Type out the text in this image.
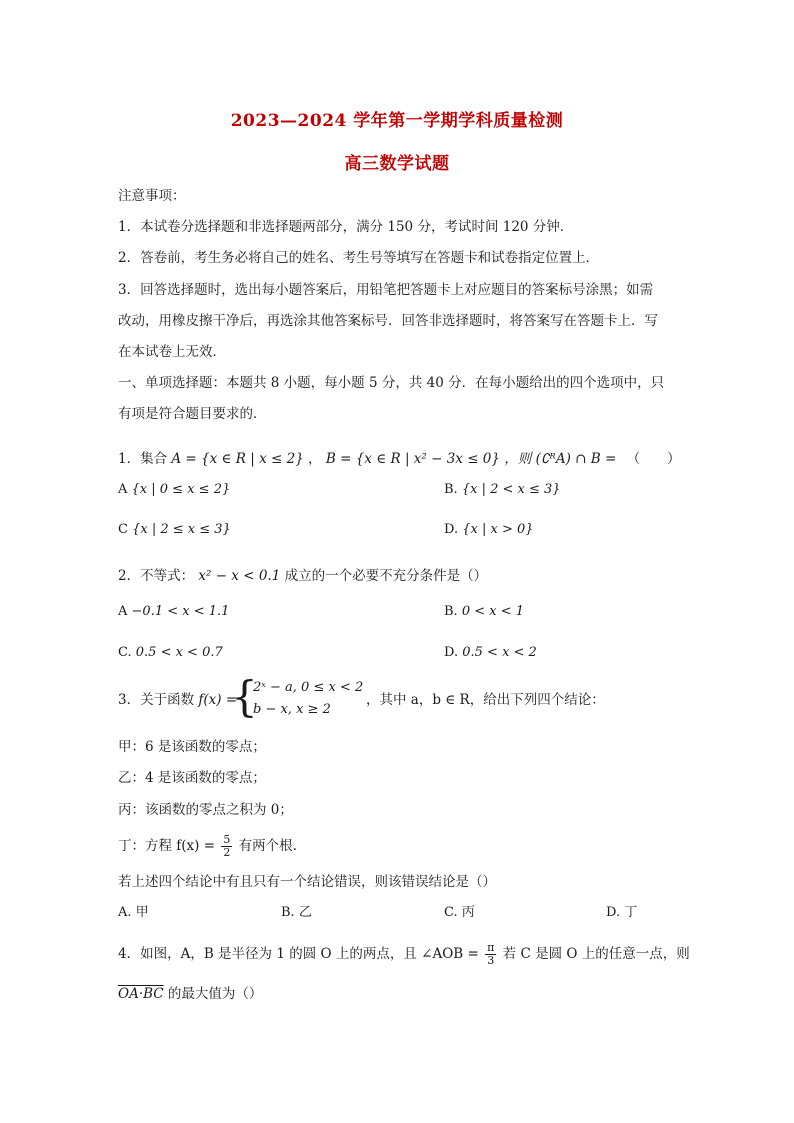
2023—2024 学年第一学期学科质量检测
高三数学试题
注意事项：
1．本试卷分选择题和非选择题两部分，满分 150 分，考试时间 120 分钟．
2．答卷前，考生务必将自己的姓名、考生号等填写在答题卡和试卷指定位置上．
3．回答选择题时，选出每小题答案后，用铅笔把答题卡上对应题目的答案标号涂黑；如需
改动，用橡皮擦干净后，再选涂其他答案标号．回答非选择题时，将答案写在答题卡上．写
在本试卷上无效．
一、单项选择题：本题共 8 小题，每小题 5 分，共 40 分．在每小题给出的四个选项中，只
有项是符合题目要求的．
1．集合 A = {x ∈ R | x ≤ 2} ， B = {x ∈ R | x² − 3x ≤ 0} ，则 (∁ᴿA) ∩ B = （　　）
A {x | 0 ≤ x ≤ 2}	B. {x | 2 < x ≤ 3}
C {x | 2 ≤ x ≤ 3}	D. {x | x > 0}
2．不等式： x² − x < 0.1 成立的一个必要不充分条件是（）
A −0.1 < x < 1.1	B. 0 < x < 1
C. 0.5 < x < 0.7	D. 0.5 < x < 2
3．关于函数 f(x) =
{
2ˣ − a, 0 ≤ x < 2
b − x, x ≥ 2
，其中 a，b ∈ R，给出下列四个结论：
甲：6 是该函数的零点；
乙：4 是该函数的零点；
丙：该函数的零点之积为 0；
丁：方程 $f(x) = \frac{5}{2}$ 有两个根.
若上述四个结论中有且只有一个结论错误，则该错误结论是（）
A. 甲	B. 乙	C. 丙	D. 丁
4．如图，A，B 是半径为 1 的圆 O 上的两点，且 ∠AOB = $\frac{\pi}{3}$ 若 C 是圆 O 上的任意一点，则
OA·BC 的最大值为（）
